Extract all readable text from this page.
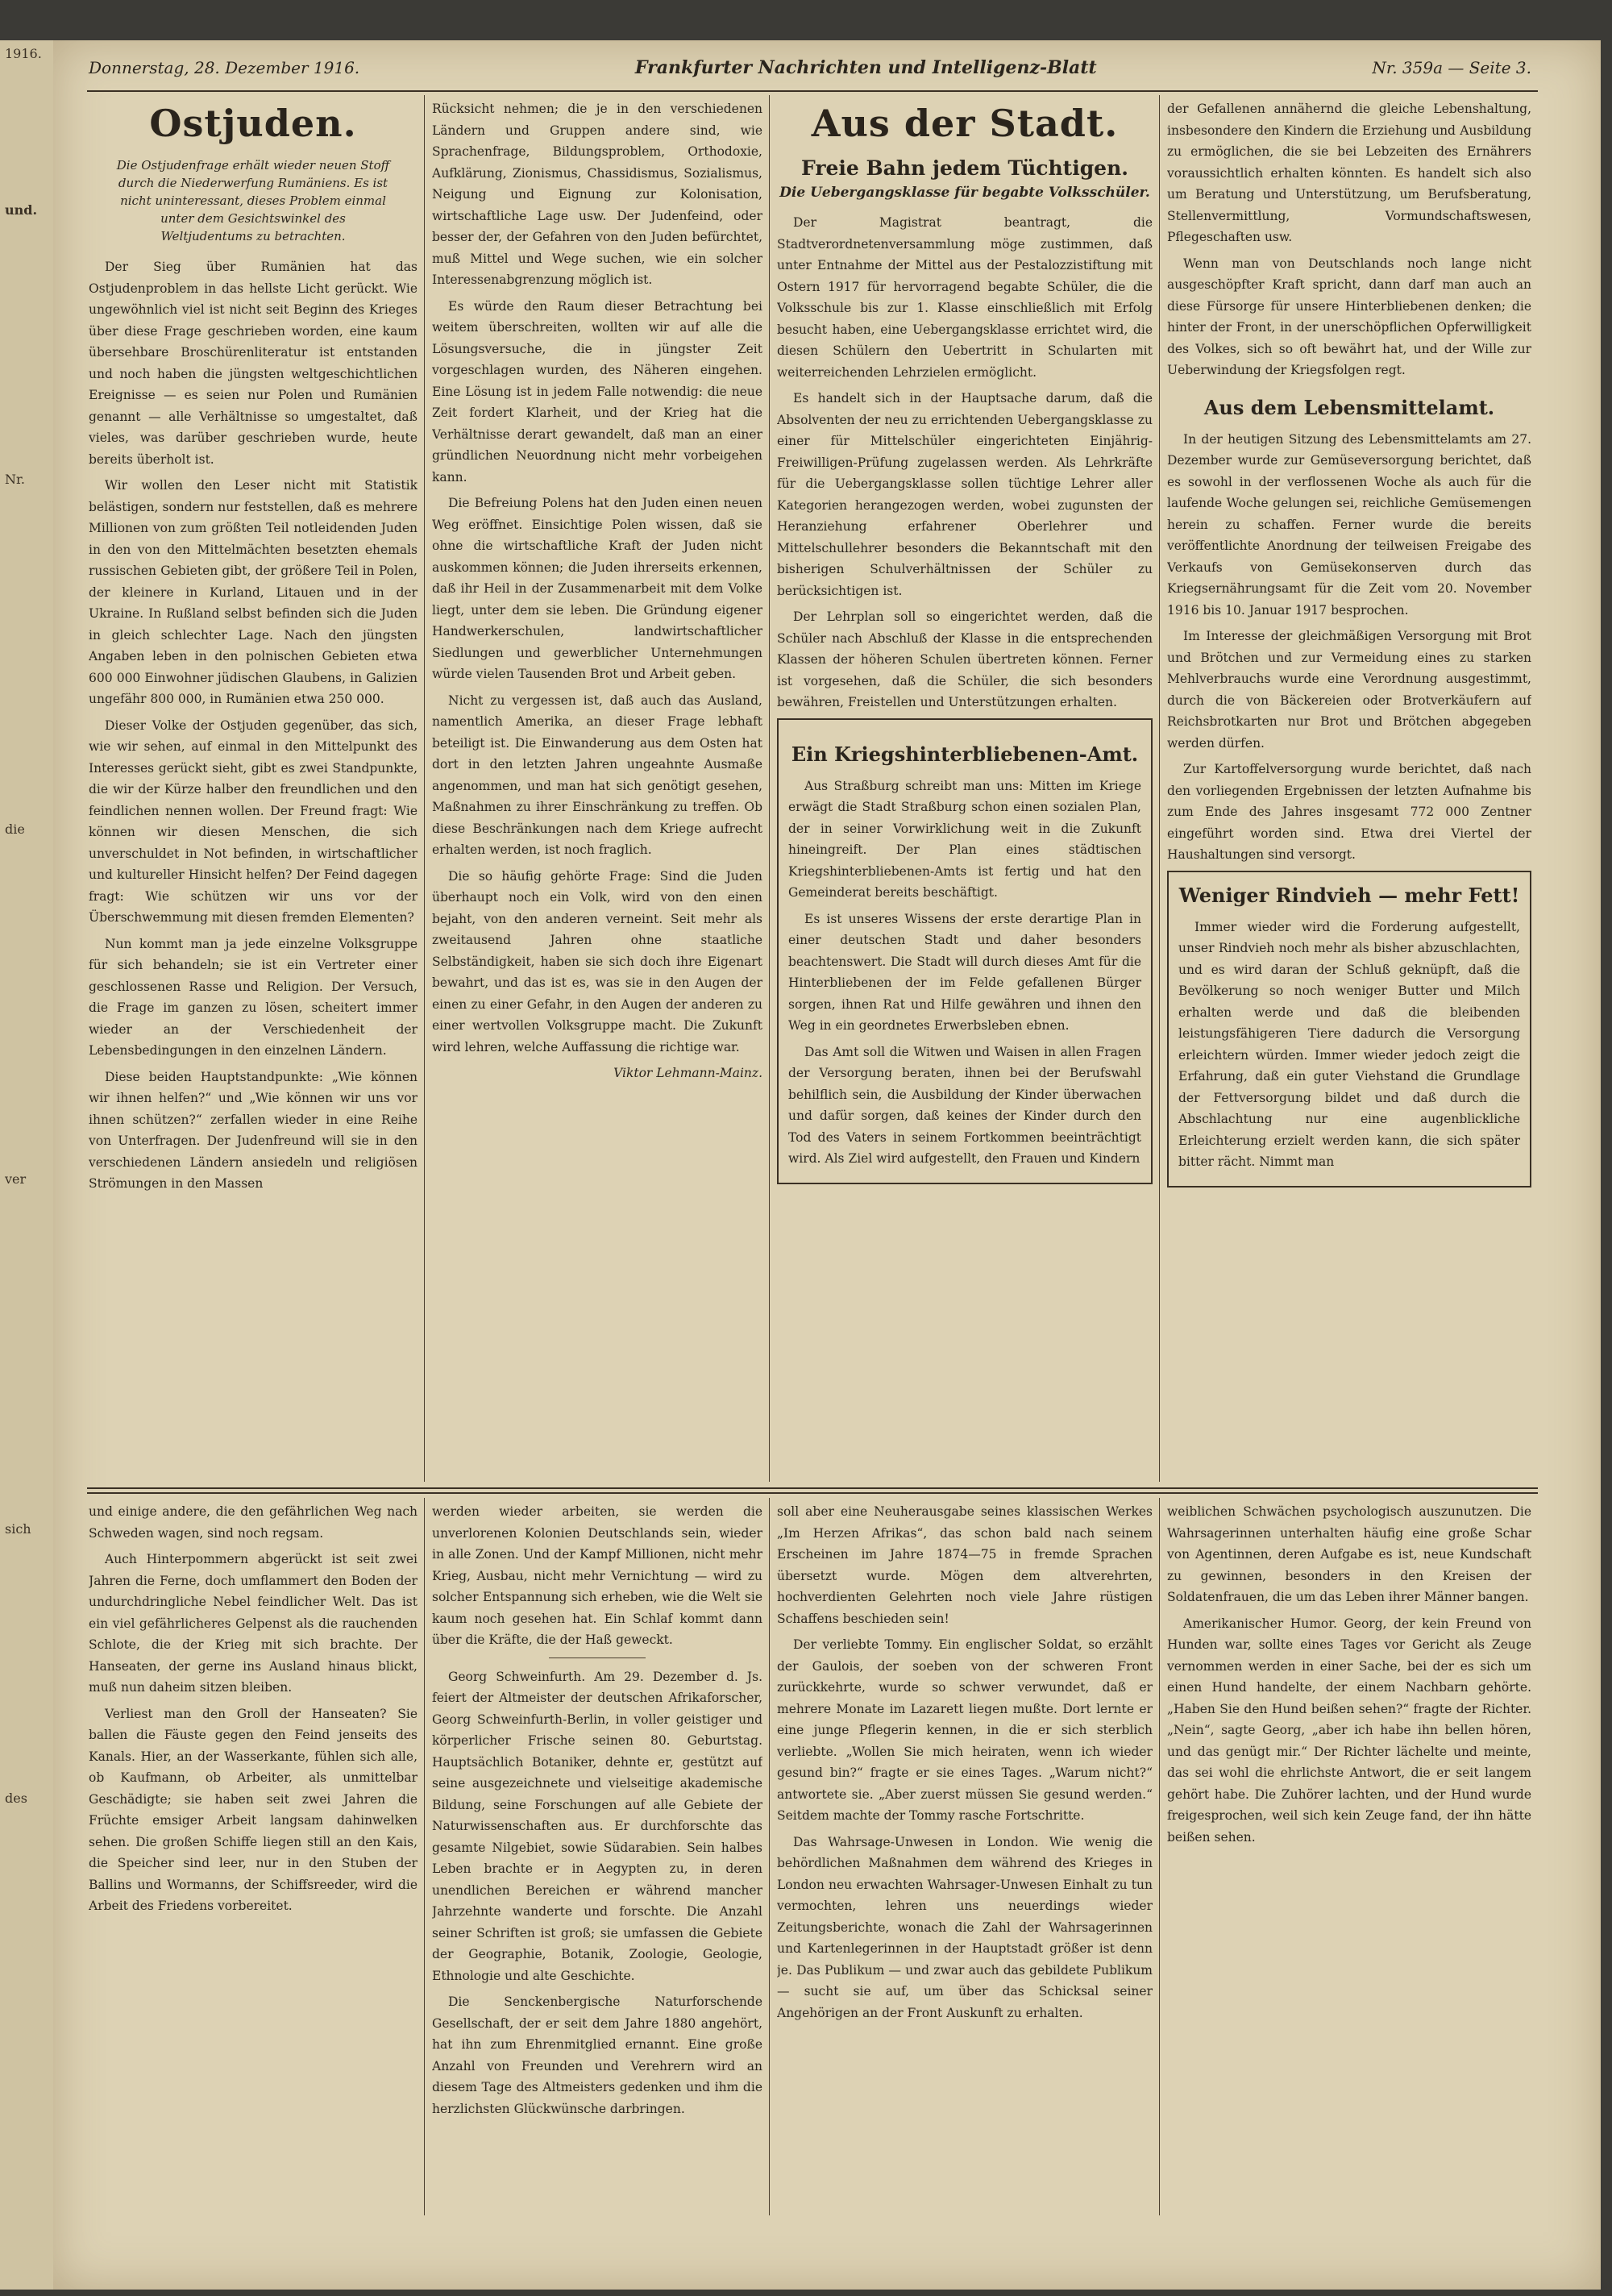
1916.
und.
Nr.
die
ver
sich
des
Donnerstag, 28. Dezember 1916.	Frankfurter Nachrichten und Intelligenz-Blatt	Nr. 359a — Seite 3.
Ostjuden.
Die Ostjudenfrage erhält wieder neuen Stoff durch die Niederwerfung Rumäniens. Es ist nicht uninteressant, dieses Problem einmal unter dem Gesichtswinkel des Weltjudentums zu betrachten.

Der Sieg über Rumänien hat das Ostjudenproblem in das hellste Licht gerückt. Wie ungewöhnlich viel ist nicht seit Beginn des Krieges über diese Frage geschrieben worden, eine kaum übersehbare Broschürenliteratur ist entstanden und noch haben die jüngsten weltgeschichtlichen Ereignisse — es seien nur Polen und Rumänien genannt — alle Verhältnisse so umgestaltet, daß vieles, was darüber geschrieben wurde, heute bereits überholt ist.

Wir wollen den Leser nicht mit Statistik belästigen, sondern nur feststellen, daß es mehrere Millionen von zum größten Teil notleidenden Juden in den von den Mittelmächten besetzten ehemals russischen Gebieten gibt, der größere Teil in Polen, der kleinere in Kurland, Litauen und in der Ukraine. In Rußland selbst befinden sich die Juden in gleich schlechter Lage. Nach den jüngsten Angaben leben in den polnischen Gebieten etwa 600 000 Einwohner jüdischen Glaubens, in Galizien ungefähr 800 000, in Rumänien etwa 250 000.

Dieser Volke der Ostjuden gegenüber, das sich, wie wir sehen, auf einmal in den Mittelpunkt des Interesses gerückt sieht, gibt es zwei Standpunkte, die wir der Kürze halber den freundlichen und den feindlichen nennen wollen. Der Freund fragt: Wie können wir diesen Menschen, die sich unverschuldet in Not befinden, in wirtschaftlicher und kultureller Hinsicht helfen? Der Feind dagegen fragt: Wie schützen wir uns vor der Überschwemmung mit diesen fremden Elementen?

Nun kommt man ja jede einzelne Volksgruppe für sich behandeln; sie ist ein Vertreter einer geschlossenen Rasse und Religion. Der Versuch, die Frage im ganzen zu lösen, scheitert immer wieder an der Verschiedenheit der Lebensbedingungen in den einzelnen Ländern.

Diese beiden Hauptstandpunkte: „Wie können wir ihnen helfen?“ und „Wie können wir uns vor ihnen schützen?“ zerfallen wieder in eine Reihe von Unterfragen. Der Judenfreund will sie in den verschiedenen Ländern ansiedeln und religiösen Strömungen in den Massen

Rücksicht nehmen; die je in den verschiedenen Ländern und Gruppen andere sind, wie Sprachenfrage, Bildungsproblem, Orthodoxie, Aufklärung, Zionismus, Chassidismus, Sozialismus, Neigung und Eignung zur Kolonisation, wirtschaftliche Lage usw. Der Judenfeind, oder besser der, der Gefahren von den Juden befürchtet, muß Mittel und Wege suchen, wie ein solcher Interessenabgrenzung möglich ist.

Es würde den Raum dieser Betrachtung bei weitem überschreiten, wollten wir auf alle die Lösungsversuche, die in jüngster Zeit vorgeschlagen wurden, des Näheren eingehen. Eine Lösung ist in jedem Falle notwendig: die neue Zeit fordert Klarheit, und der Krieg hat die Verhältnisse derart gewandelt, daß man an einer gründlichen Neuordnung nicht mehr vorbeigehen kann.

Die Befreiung Polens hat den Juden einen neuen Weg eröffnet. Einsichtige Polen wissen, daß sie ohne die wirtschaftliche Kraft der Juden nicht auskommen können; die Juden ihrerseits erkennen, daß ihr Heil in der Zusammenarbeit mit dem Volke liegt, unter dem sie leben. Die Gründung eigener Handwerkerschulen, landwirtschaftlicher Siedlungen und gewerblicher Unternehmungen würde vielen Tausenden Brot und Arbeit geben.

Nicht zu vergessen ist, daß auch das Ausland, namentlich Amerika, an dieser Frage lebhaft beteiligt ist. Die Einwanderung aus dem Osten hat dort in den letzten Jahren ungeahnte Ausmaße angenommen, und man hat sich genötigt gesehen, Maßnahmen zu ihrer Einschränkung zu treffen. Ob diese Beschränkungen nach dem Kriege aufrecht erhalten werden, ist noch fraglich.

Die so häufig gehörte Frage: Sind die Juden überhaupt noch ein Volk, wird von den einen bejaht, von den anderen verneint. Seit mehr als zweitausend Jahren ohne staatliche Selbständigkeit, haben sie sich doch ihre Eigenart bewahrt, und das ist es, was sie in den Augen der einen zu einer Gefahr, in den Augen der anderen zu einer wertvollen Volksgruppe macht. Die Zukunft wird lehren, welche Auffassung die richtige war.

Viktor Lehmann-Mainz.

Aus der Stadt.
Freie Bahn jedem Tüchtigen.
Die Uebergangsklasse für begabte Volksschüler.

Der Magistrat beantragt, die Stadtverordnetenversammlung möge zustimmen, daß unter Entnahme der Mittel aus der Pestalozzistiftung mit Ostern 1917 für hervorragend begabte Schüler, die die Volksschule bis zur 1. Klasse einschließlich mit Erfolg besucht haben, eine Uebergangsklasse errichtet wird, die diesen Schülern den Uebertritt in Schularten mit weiterreichenden Lehrzielen ermöglicht.

Es handelt sich in der Hauptsache darum, daß die Absolventen der neu zu errichtenden Uebergangsklasse zu einer für Mittelschüler eingerichteten Einjährig-Freiwilligen-Prüfung zugelassen werden. Als Lehrkräfte für die Uebergangsklasse sollen tüchtige Lehrer aller Kategorien herangezogen werden, wobei zugunsten der Heranziehung erfahrener Oberlehrer und Mittelschullehrer besonders die Bekanntschaft mit den bisherigen Schulverhältnissen der Schüler zu berücksichtigen ist.

Der Lehrplan soll so eingerichtet werden, daß die Schüler nach Abschluß der Klasse in die entsprechenden Klassen der höheren Schulen übertreten können. Ferner ist vorgesehen, daß die Schüler, die sich besonders bewähren, Freistellen und Unterstützungen erhalten.

Ein Kriegshinterbliebenen-Amt.

Aus Straßburg schreibt man uns: Mitten im Kriege erwägt die Stadt Straßburg schon einen sozialen Plan, der in seiner Vorwirklichung weit in die Zukunft hineingreift. Der Plan eines städtischen Kriegshinterbliebenen-Amts ist fertig und hat den Gemeinderat bereits beschäftigt.

Es ist unseres Wissens der erste derartige Plan in einer deutschen Stadt und daher besonders beachtenswert. Die Stadt will durch dieses Amt für die Hinterbliebenen der im Felde gefallenen Bürger sorgen, ihnen Rat und Hilfe gewähren und ihnen den Weg in ein geordnetes Erwerbsleben ebnen.

Das Amt soll die Witwen und Waisen in allen Fragen der Versorgung beraten, ihnen bei der Berufswahl behilflich sein, die Ausbildung der Kinder überwachen und dafür sorgen, daß keines der Kinder durch den Tod des Vaters in seinem Fortkommen beeinträchtigt wird. Als Ziel wird aufgestellt, den Frauen und Kindern

der Gefallenen annähernd die gleiche Lebenshaltung, insbesondere den Kindern die Erziehung und Ausbildung zu ermöglichen, die sie bei Lebzeiten des Ernährers voraussichtlich erhalten könnten. Es handelt sich also um Beratung und Unterstützung, um Berufsberatung, Stellenvermittlung, Vormundschaftswesen, Pflegeschaften usw.

Wenn man von Deutschlands noch lange nicht ausgeschöpfter Kraft spricht, dann darf man auch an diese Fürsorge für unsere Hinterbliebenen denken; die hinter der Front, in der unerschöpflichen Opferwilligkeit des Volkes, sich so oft bewährt hat, und der Wille zur Ueberwindung der Kriegsfolgen regt.

Aus dem Lebensmittelamt.

In der heutigen Sitzung des Lebensmittelamts am 27. Dezember wurde zur Gemüseversorgung berichtet, daß es sowohl in der verflossenen Woche als auch für die laufende Woche gelungen sei, reichliche Gemüsemengen herein zu schaffen. Ferner wurde die bereits veröffentlichte Anordnung der teilweisen Freigabe des Verkaufs von Gemüsekonserven durch das Kriegsernährungsamt für die Zeit vom 20. November 1916 bis 10. Januar 1917 besprochen.

Im Interesse der gleichmäßigen Versorgung mit Brot und Brötchen und zur Vermeidung eines zu starken Mehlverbrauchs wurde eine Verordnung ausgestimmt, durch die von Bäckereien oder Brotverkäufern auf Reichsbrotkarten nur Brot und Brötchen abgegeben werden dürfen.

Zur Kartoffelversorgung wurde berichtet, daß nach den vorliegenden Ergebnissen der letzten Aufnahme bis zum Ende des Jahres insgesamt 772 000 Zentner eingeführt worden sind. Etwa drei Viertel der Haushaltungen sind versorgt.

Weniger Rindvieh — mehr Fett!

Immer wieder wird die Forderung aufgestellt, unser Rindvieh noch mehr als bisher abzuschlachten, und es wird daran der Schluß geknüpft, daß die Bevölkerung so noch weniger Butter und Milch erhalten werde und daß die bleibenden leistungsfähigeren Tiere dadurch die Versorgung erleichtern würden. Immer wieder jedoch zeigt die Erfahrung, daß ein guter Viehstand die Grundlage der Fettversorgung bildet und daß durch die Abschlachtung nur eine augenblickliche Erleichterung erzielt werden kann, die sich später bitter rächt. Nimmt man

und einige andere, die den gefährlichen Weg nach Schweden wagen, sind noch regsam.

Auch Hinterpommern abgerückt ist seit zwei Jahren die Ferne, doch umflammert den Boden der undurchdringliche Nebel feindlicher Welt. Das ist ein viel gefährlicheres Gelpenst als die rauchenden Schlote, die der Krieg mit sich brachte. Der Hanseaten, der gerne ins Ausland hinaus blickt, muß nun daheim sitzen bleiben.

Verliest man den Groll der Hanseaten? Sie ballen die Fäuste gegen den Feind jenseits des Kanals. Hier, an der Wasserkante, fühlen sich alle, ob Kaufmann, ob Arbeiter, als unmittelbar Geschädigte; sie haben seit zwei Jahren die Früchte emsiger Arbeit langsam dahinwelken sehen. Die großen Schiffe liegen still an den Kais, die Speicher sind leer, nur in den Stuben der Ballins und Wormanns, der Schiffsreeder, wird die Arbeit des Friedens vorbereitet.

werden wieder arbeiten, sie werden die unverlorenen Kolonien Deutschlands sein, wieder in alle Zonen. Und der Kampf Millionen, nicht mehr Krieg, Ausbau, nicht mehr Vernichtung — wird zu solcher Entspannung sich erheben, wie die Welt sie kaum noch gesehen hat. Ein Schlaf kommt dann über die Kräfte, die der Haß geweckt.

Georg Schweinfurth. Am 29. Dezember d. Js. feiert der Altmeister der deutschen Afrikaforscher, Georg Schweinfurth-Berlin, in voller geistiger und körperlicher Frische seinen 80. Geburtstag. Hauptsächlich Botaniker, dehnte er, gestützt auf seine ausgezeichnete und vielseitige akademische Bildung, seine Forschungen auf alle Gebiete der Naturwissenschaften aus. Er durchforschte das gesamte Nilgebiet, sowie Südarabien. Sein halbes Leben brachte er in Aegypten zu, in deren unendlichen Bereichen er während mancher Jahrzehnte wanderte und forschte. Die Anzahl seiner Schriften ist groß; sie umfassen die Gebiete der Geographie, Botanik, Zoologie, Geologie, Ethnologie und alte Geschichte.

Die Senckenbergische Naturforschende Gesellschaft, der er seit dem Jahre 1880 angehört, hat ihn zum Ehrenmitglied ernannt. Eine große Anzahl von Freunden und Verehrern wird an diesem Tage des Altmeisters gedenken und ihm die herzlichsten Glückwünsche darbringen.

soll aber eine Neuherausgabe seines klassischen Werkes „Im Herzen Afrikas“, das schon bald nach seinem Erscheinen im Jahre 1874—75 in fremde Sprachen übersetzt wurde. Mögen dem altverehrten, hochverdienten Gelehrten noch viele Jahre rüstigen Schaffens beschieden sein!

Der verliebte Tommy. Ein englischer Soldat, so erzählt der Gaulois, der soeben von der schweren Front zurückkehrte, wurde so schwer verwundet, daß er mehrere Monate im Lazarett liegen mußte. Dort lernte er eine junge Pflegerin kennen, in die er sich sterblich verliebte. „Wollen Sie mich heiraten, wenn ich wieder gesund bin?“ fragte er sie eines Tages. „Warum nicht?“ antwortete sie. „Aber zuerst müssen Sie gesund werden.“ Seitdem machte der Tommy rasche Fortschritte.

Das Wahrsage-Unwesen in London. Wie wenig die behördlichen Maßnahmen dem während des Krieges in London neu erwachten Wahrsager-Unwesen Einhalt zu tun vermochten, lehren uns neuerdings wieder Zeitungsberichte, wonach die Zahl der Wahrsagerinnen und Kartenlegerinnen in der Hauptstadt größer ist denn je. Das Publikum — und zwar auch das gebildete Publikum — sucht sie auf, um über das Schicksal seiner Angehörigen an der Front Auskunft zu erhalten.

weiblichen Schwächen psychologisch auszunutzen. Die Wahrsagerinnen unterhalten häufig eine große Schar von Agentinnen, deren Aufgabe es ist, neue Kundschaft zu gewinnen, besonders in den Kreisen der Soldatenfrauen, die um das Leben ihrer Männer bangen.

Amerikanischer Humor. Georg, der kein Freund von Hunden war, sollte eines Tages vor Gericht als Zeuge vernommen werden in einer Sache, bei der es sich um einen Hund handelte, der einem Nachbarn gehörte. „Haben Sie den Hund beißen sehen?“ fragte der Richter. „Nein“, sagte Georg, „aber ich habe ihn bellen hören, und das genügt mir.“ Der Richter lächelte und meinte, das sei wohl die ehrlichste Antwort, die er seit langem gehört habe. Die Zuhörer lachten, und der Hund wurde freigesprochen, weil sich kein Zeuge fand, der ihn hätte beißen sehen.
